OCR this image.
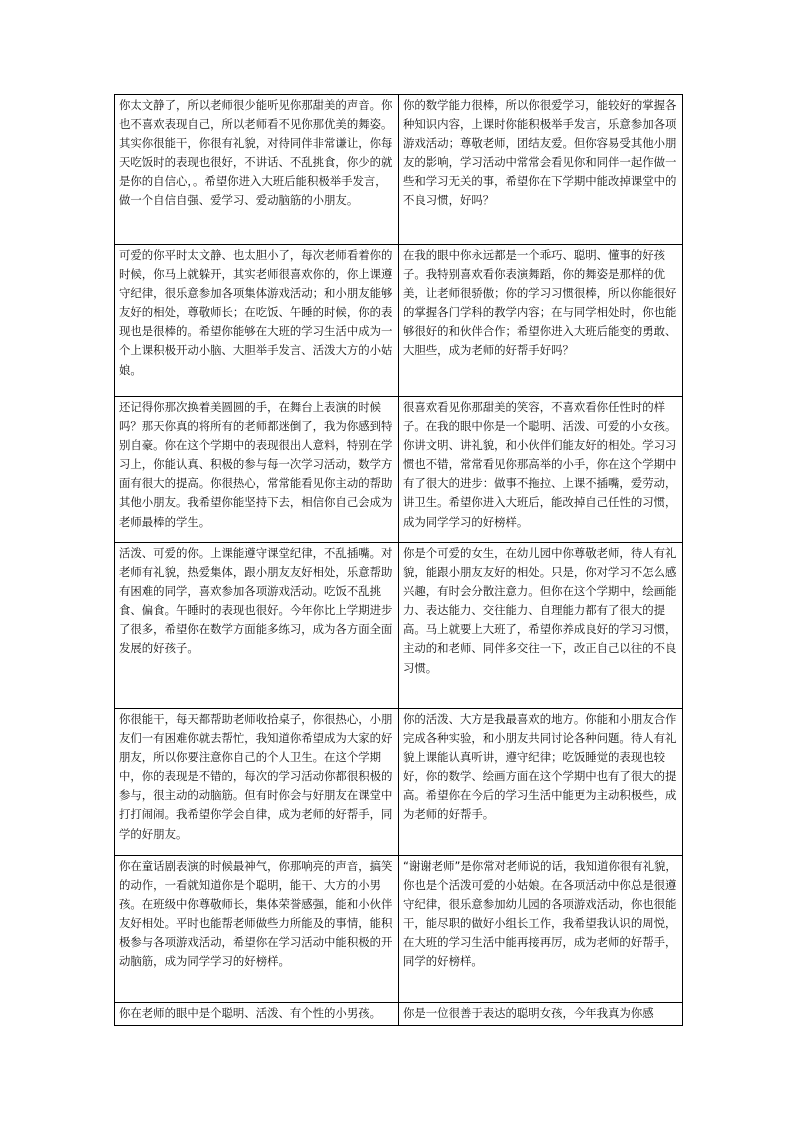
你太文静了，所以老师很少能听见你那甜美的声音。你也不喜欢表现自己，所以老师看不见你那优美的舞姿。其实你很能干，你很有礼貌，对待同伴非常谦让，你每天吃饭时的表现也很好，不讲话、不乱挑食，你少的就是你的自信心，。希望你进入大班后能积极举手发言，做一个自信自强、爱学习、爱动脑筋的小朋友。	你的数学能力很棒，所以你很爱学习，能较好的掌握各种知识内容，上课时你能积极举手发言，乐意参加各项游戏活动；尊敬老师，团结友爱。但你容易受其他小朋友的影响，学习活动中常常会看见你和同伴一起作做一些和学习无关的事，希望你在下学期中能改掉课堂中的不良习惯，好吗？
可爱的你平时太文静、也太胆小了，每次老师看着你的时候，你马上就躲开，其实老师很喜欢你的，你上课遵守纪律，很乐意参加各项集体游戏活动；和小朋友能够友好的相处，尊敬师长；在吃饭、午睡的时候，你的表现也是很棒的。希望你能够在大班的学习生活中成为一个上课积极开动小脑、大胆举手发言、活泼大方的小姑娘。	在我的眼中你永远都是一个乖巧、聪明、懂事的好孩子。我特别喜欢看你表演舞蹈，你的舞姿是那样的优美，让老师很骄傲；你的学习习惯很棒，所以你能很好的掌握各门学科的教学内容；在与同学相处时，你也能够很好的和伙伴合作；希望你进入大班后能变的勇敢、大胆些，成为老师的好帮手好吗？
还记得你那次换着美圆圆的手，在舞台上表演的时候吗？那天你真的将所有的老师都迷倒了，我为你感到特别自豪。你在这个学期中的表现很出人意料，特别在学习上，你能认真、积极的参与每一次学习活动，数学方面有很大的提高。你很热心，常常能看见你主动的帮助其他小朋友。我希望你能坚持下去，相信你自己会成为老师最棒的学生。	很喜欢看见你那甜美的笑容，不喜欢看你任性时的样子。在我的眼中你是一个聪明、活泼、可爱的小女孩。你讲文明、讲礼貌，和小伙伴们能友好的相处。学习习惯也不错，常常看见你那高举的小手，你在这个学期中有了很大的进步：做事不拖拉、上课不插嘴，爱劳动，讲卫生。希望你进入大班后，能改掉自己任性的习惯，成为同学学习的好榜样。
活泼、可爱的你。上课能遵守课堂纪律，不乱插嘴。对老师有礼貌，热爱集体，跟小朋友友好相处，乐意帮助有困难的同学，喜欢参加各项游戏活动。吃饭不乱挑食、偏食。午睡时的表现也很好。今年你比上学期进步了很多，希望你在数学方面能多练习，成为各方面全面发展的好孩子。	你是个可爱的女生，在幼儿园中你尊敬老师，待人有礼貌，能跟小朋友友好的相处。只是，你对学习不怎么感兴趣，有时会分散注意力。但你在这个学期中，绘画能力、表达能力、交往能力、自理能力都有了很大的提高。马上就要上大班了，希望你养成良好的学习习惯，主动的和老师、同伴多交往一下，改正自己以往的不良习惯。
你很能干，每天都帮助老师收拾桌子，你很热心，小朋友们一有困难你就去帮忙，我知道你希望成为大家的好朋友，所以你要注意你自己的个人卫生。在这个学期中，你的表现是不错的，每次的学习活动你都很积极的参与，很主动的动脑筋。但有时你会与好朋友在课堂中打打闹闹。我希望你学会自律，成为老师的好帮手，同学的好朋友。	你的活泼、大方是我最喜欢的地方。你能和小朋友合作完成各种实验，和小朋友共同讨论各种问题。待人有礼貌上课能认真听讲，遵守纪律；吃饭睡觉的表现也较好，你的数学、绘画方面在这个学期中也有了很大的提高。希望你在今后的学习生活中能更为主动积极些，成为老师的好帮手。
你在童话剧表演的时候最神气，你那响亮的声音，搞笑的动作，一看就知道你是个聪明，能干、大方的小男孩。在班级中你尊敬师长，集体荣誉感强，能和小伙伴友好相处。平时也能帮老师做些力所能及的事情，能积极参与各项游戏活动，希望你在学习活动中能积极的开动脑筋，成为同学学习的好榜样。	“谢谢老师”是你常对老师说的话，我知道你很有礼貌，你也是个活泼可爱的小姑娘。在各项活动中你总是很遵守纪律，很乐意参加幼儿园的各项游戏活动，你也很能干，能尽职的做好小组长工作，我希望我认识的周悦，在大班的学习生活中能再接再厉，成为老师的好帮手，同学的好榜样。
你在老师的眼中是个聪明、活泼、有个性的小男孩。	你是一位很善于表达的聪明女孩，今年我真为你感
